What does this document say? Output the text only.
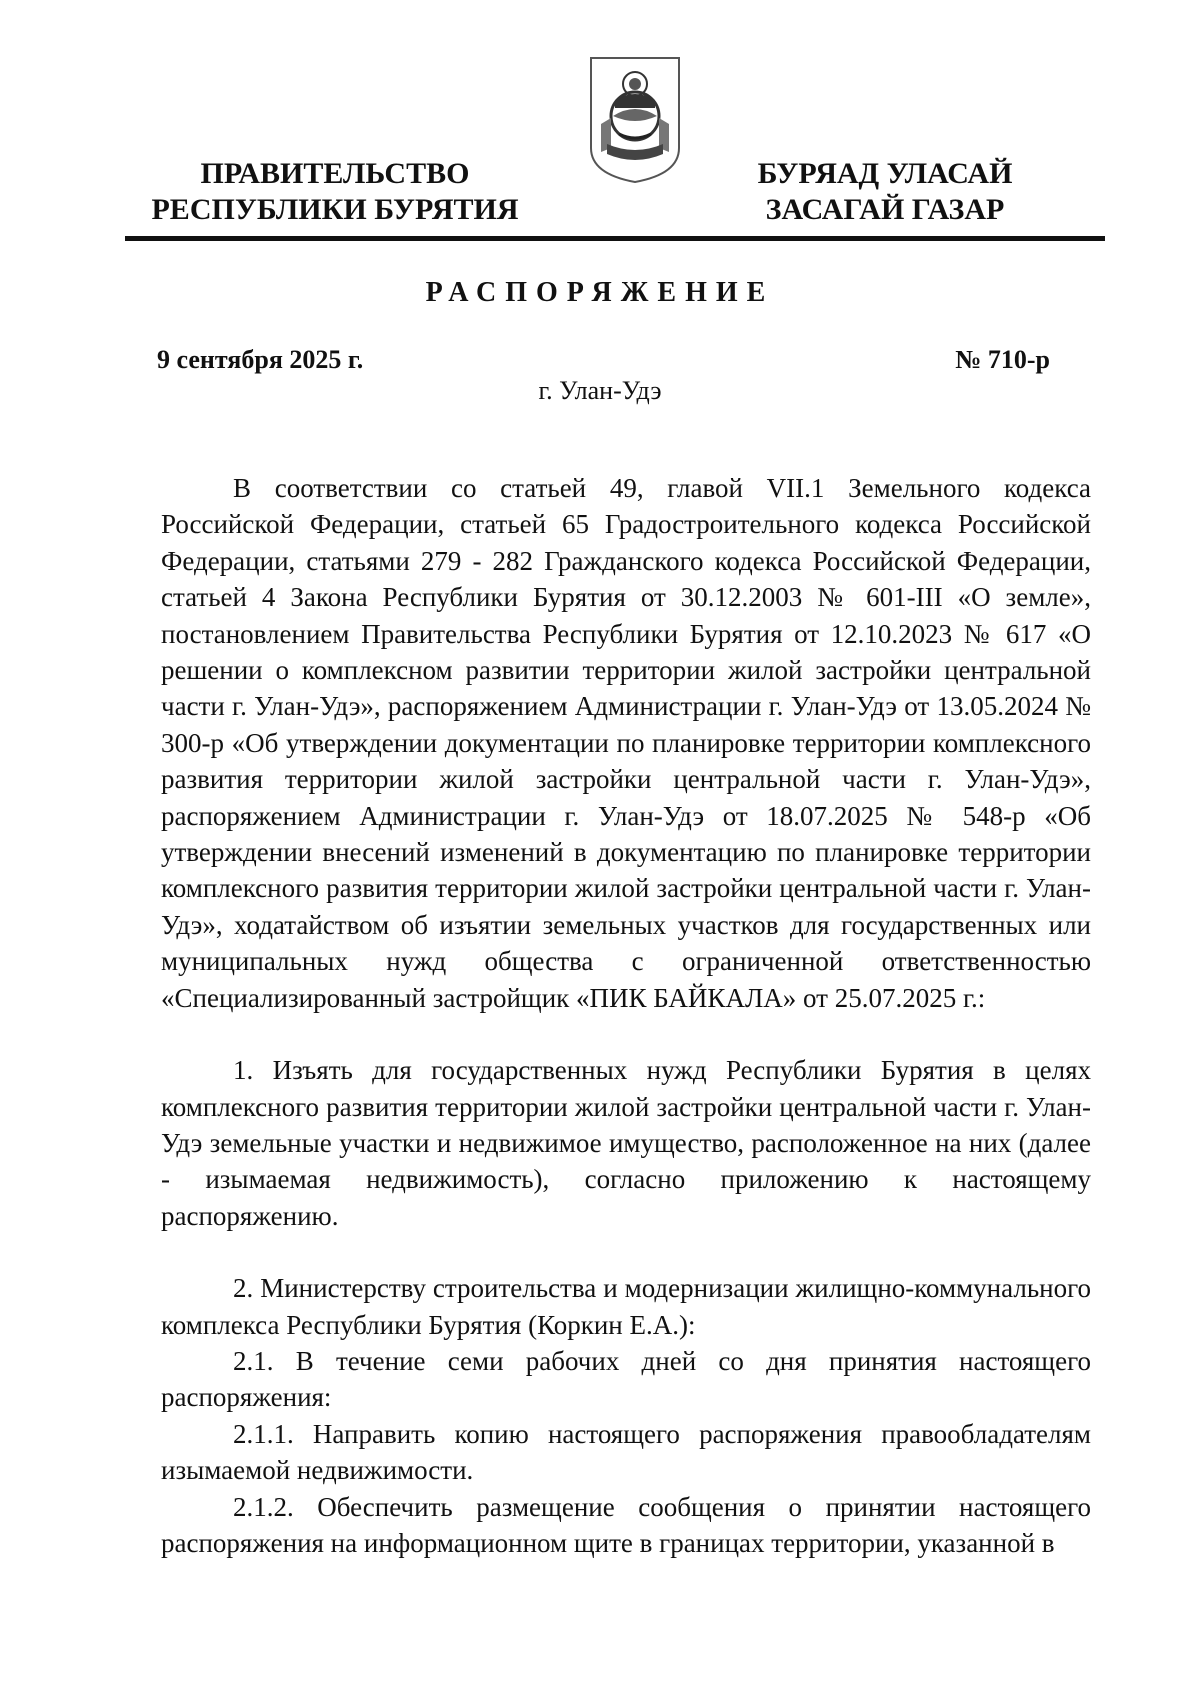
ПРАВИТЕЛЬСТВО
РЕСПУБЛИКИ БУРЯТИЯ
БУРЯАД УЛАСАЙ
ЗАСАГАЙ ГАЗАР
РАСПОРЯЖЕНИЕ
9 сентября 2025 г.	№ 710-р
г. Улан-Удэ

В соответствии со статьей 49, главой VII.1 Земельного кодекса Российской Федерации, статьей 65 Градостроительного кодекса Российской Федерации, статьями 279 - 282 Гражданского кодекса Российской Федерации, статьей 4 Закона Республики Бурятия от 30.12.2003 № 601-III «О земле», постановлением Правительства Республики Бурятия от 12.10.2023 № 617 «О решении о комплексном развитии территории жилой застройки центральной части г. Улан-Удэ», распоряжением Администрации г. Улан-Удэ от 13.05.2024 № 300-р «Об утверждении документации по планировке территории комплексного развития территории жилой застройки центральной части г. Улан-Удэ», распоряжением Администрации г. Улан-Удэ от 18.07.2025 № 548-р «Об утверждении внесений изменений в документацию по планировке территории комплексного развития территории жилой застройки центральной части г. Улан-Удэ», ходатайством об изъятии земельных участков для государственных или муниципальных нужд общества с ограниченной ответственностью «Специализированный застройщик «ПИК БАЙКАЛА» от 25.07.2025 г.:

1. Изъять для государственных нужд Республики Бурятия в целях комплексного развития территории жилой застройки центральной части г. Улан-Удэ земельные участки и недвижимое имущество, расположенное на них (далее - изымаемая недвижимость), согласно приложению к настоящему распоряжению.

2. Министерству строительства и модернизации жилищно-коммунального комплекса Республики Бурятия (Коркин Е.А.):

2.1. В течение семи рабочих дней со дня принятия настоящего распоряжения:

2.1.1. Направить копию настоящего распоряжения правообладателям изымаемой недвижимости.

2.1.2. Обеспечить размещение сообщения о принятии настоящего распоряжения на информационном щите в границах территории, указанной в
